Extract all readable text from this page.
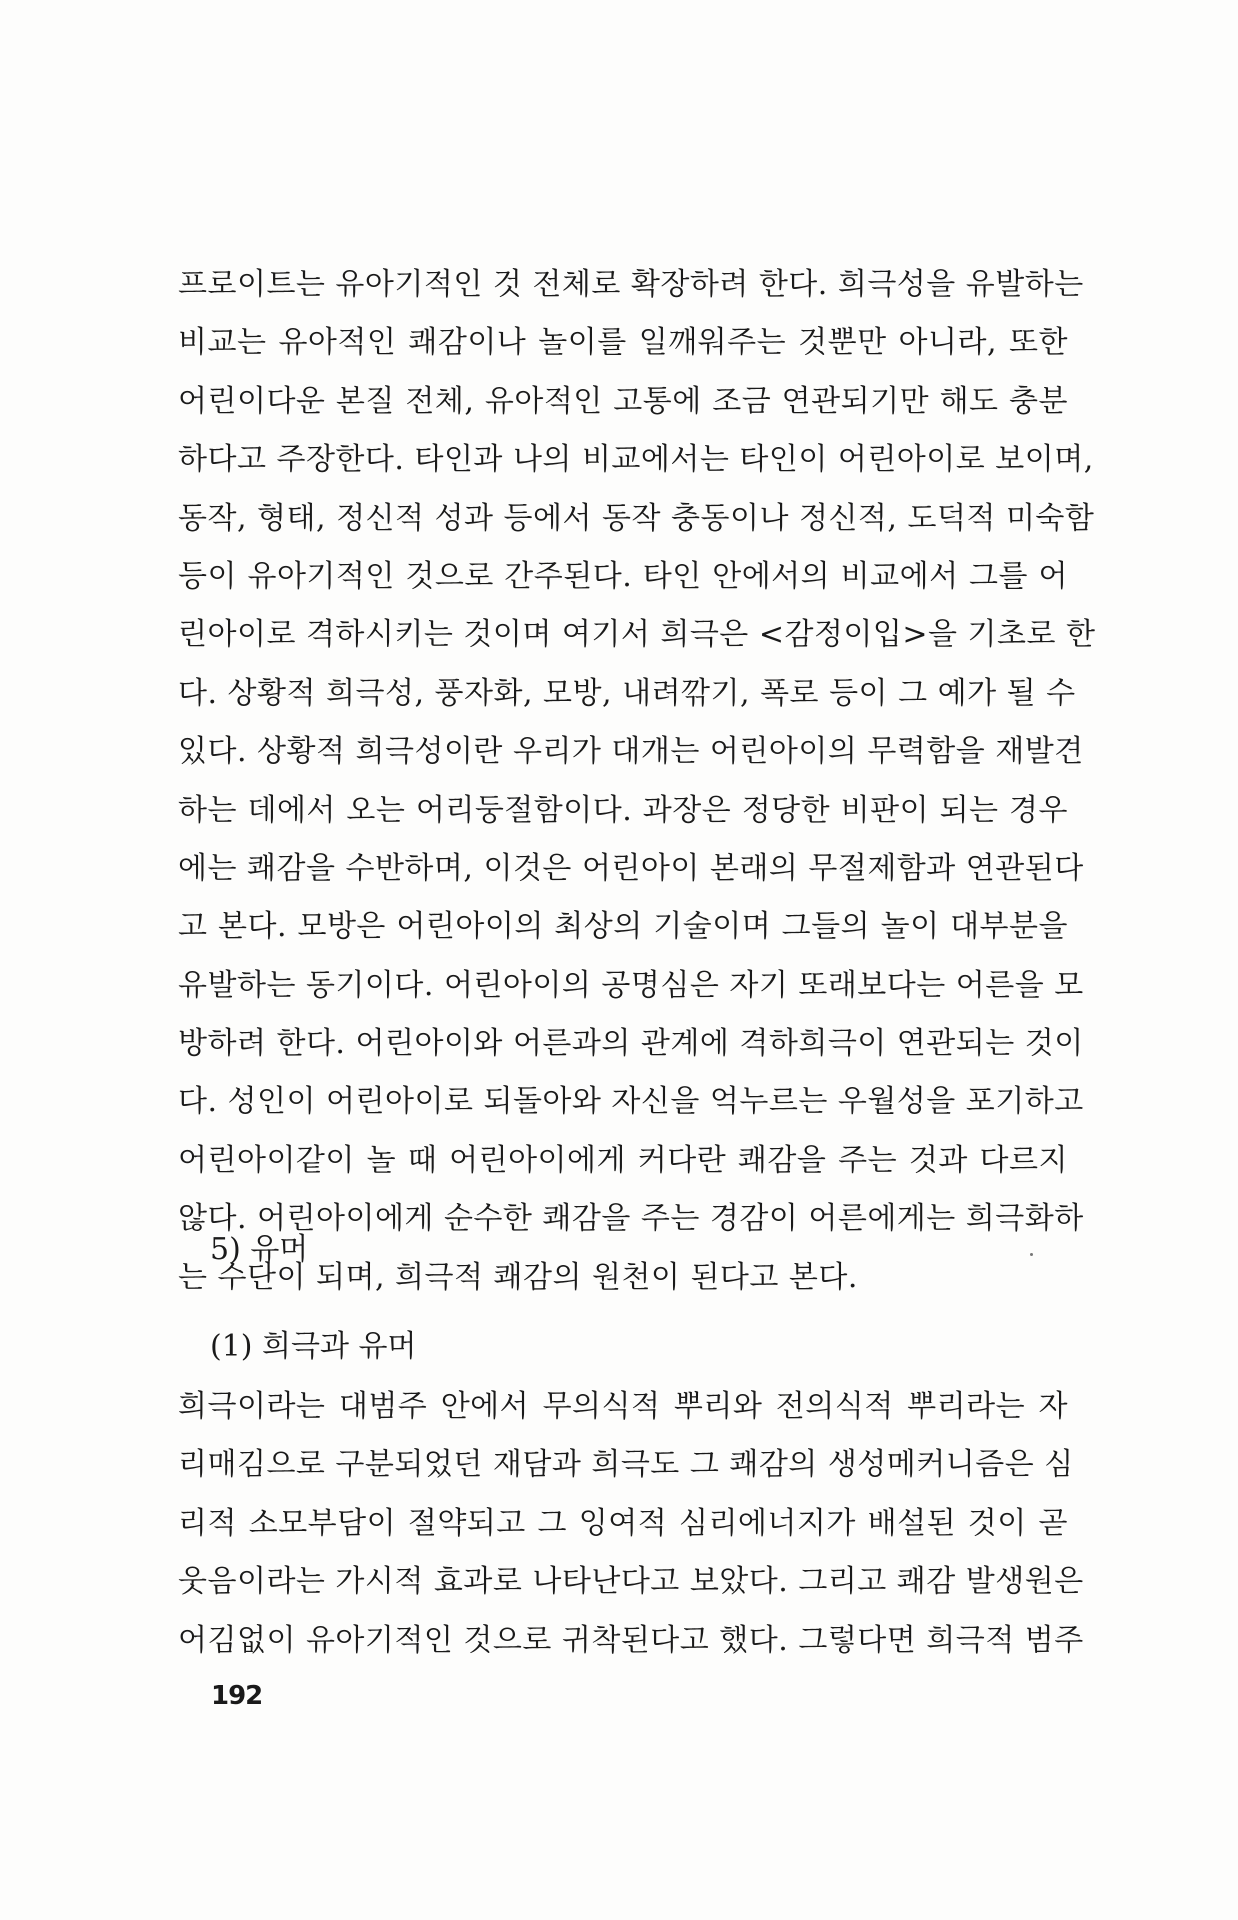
프로이트는 유아기적인 것 전체로 확장하려 한다. 희극성을 유발하는
비교는 유아적인 쾌감이나 놀이를 일깨워주는 것뿐만 아니라, 또한
어린이다운 본질 전체, 유아적인 고통에 조금 연관되기만 해도 충분
하다고 주장한다. 타인과 나의 비교에서는 타인이 어린아이로 보이며,
동작, 형태, 정신적 성과 등에서 동작 충동이나 정신적, 도덕적 미숙함
등이 유아기적인 것으로 간주된다. 타인 안에서의 비교에서 그를 어
린아이로 격하시키는 것이며 여기서 희극은 <감정이입>을 기초로 한
다. 상황적 희극성, 풍자화, 모방, 내려깎기, 폭로 등이 그 예가 될 수
있다. 상황적 희극성이란 우리가 대개는 어린아이의 무력함을 재발견
하는 데에서 오는 어리둥절함이다. 과장은 정당한 비판이 되는 경우
에는 쾌감을 수반하며, 이것은 어린아이 본래의 무절제함과 연관된다
고 본다. 모방은 어린아이의 최상의 기술이며 그들의 놀이 대부분을
유발하는 동기이다. 어린아이의 공명심은 자기 또래보다는 어른을 모
방하려 한다. 어린아이와 어른과의 관계에 격하희극이 연관되는 것이
다. 성인이 어린아이로 되돌아와 자신을 억누르는 우월성을 포기하고
어린아이같이 놀 때 어린아이에게 커다란 쾌감을 주는 것과 다르지
않다. 어린아이에게 순수한 쾌감을 주는 경감이 어른에게는 희극화하
는 수단이 되며, 희극적 쾌감의 원천이 된다고 본다.
5) 유머
(1) 희극과 유머
희극이라는 대범주 안에서 무의식적 뿌리와 전의식적 뿌리라는 자
리매김으로 구분되었던 재담과 희극도 그 쾌감의 생성메커니즘은 심
리적 소모부담이 절약되고 그 잉여적 심리에너지가 배설된 것이 곧
웃음이라는 가시적 효과로 나타난다고 보았다. 그리고 쾌감 발생원은
어김없이 유아기적인 것으로 귀착된다고 했다. 그렇다면 희극적 범주
192
